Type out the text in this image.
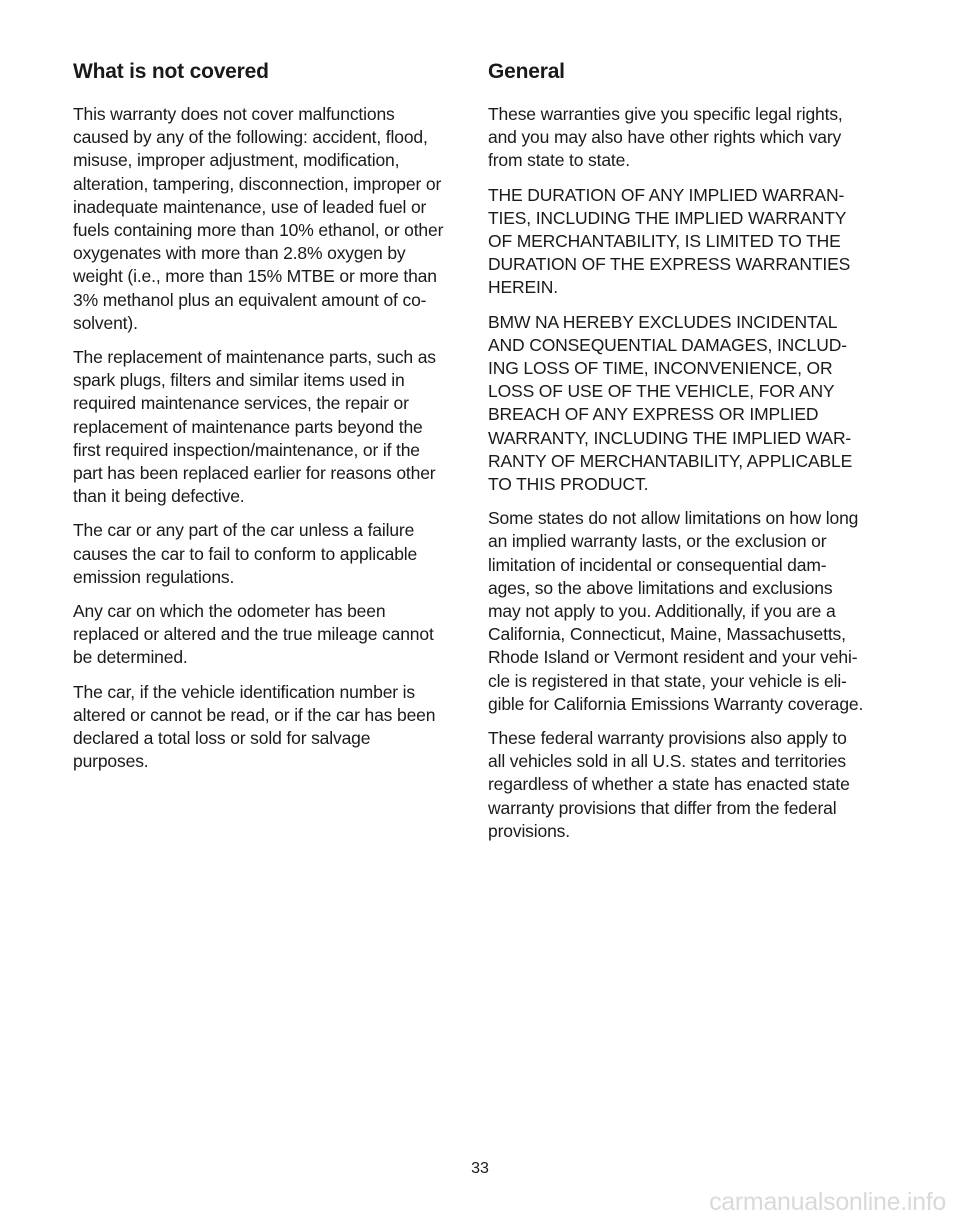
What is not covered

This warranty does not cover malfunctions caused by any of the following: accident, flood, misuse, improper adjustment, modification, alteration, tampering, disconnection, improper or inadequate maintenance, use of leaded fuel or fuels containing more than 10% ethanol, or other oxygenates with more than 2.8% oxygen by weight (i.e., more than 15% MTBE or more than 3% methanol plus an equivalent amount of co-solvent).

The replacement of maintenance parts, such as spark plugs, filters and similar items used in required maintenance services, the repair or replacement of maintenance parts beyond the first required inspection/maintenance, or if the part has been replaced earlier for reasons other than it being defective.

The car or any part of the car unless a failure causes the car to fail to conform to applicable emission regulations.

Any car on which the odometer has been replaced or altered and the true mileage cannot be determined.

The car, if the vehicle identification number is altered or cannot be read, or if the car has been declared a total loss or sold for salvage purposes.

General

These warranties give you specific legal rights, and you may also have other rights which vary from state to state.

THE DURATION OF ANY IMPLIED WARRAN-TIES, INCLUDING THE IMPLIED WARRANTY OF MERCHANTABILITY, IS LIMITED TO THE DURATION OF THE EXPRESS WARRANTIES HEREIN.

BMW NA HEREBY EXCLUDES INCIDENTAL AND CONSEQUENTIAL DAMAGES, INCLUD-ING LOSS OF TIME, INCONVENIENCE, OR LOSS OF USE OF THE VEHICLE, FOR ANY BREACH OF ANY EXPRESS OR IMPLIED WARRANTY, INCLUDING THE IMPLIED WAR-RANTY OF MERCHANTABILITY, APPLICABLE TO THIS PRODUCT.

Some states do not allow limitations on how long an implied warranty lasts, or the exclusion or limitation of incidental or consequential dam-ages, so the above limitations and exclusions may not apply to you. Additionally, if you are a California, Connecticut, Maine, Massachusetts, Rhode Island or Vermont resident and your vehi-cle is registered in that state, your vehicle is eli-gible for California Emissions Warranty coverage.

These federal warranty provisions also apply to all vehicles sold in all U.S. states and territories regardless of whether a state has enacted state warranty provisions that differ from the federal provisions.

33
carmanualsonline.info
